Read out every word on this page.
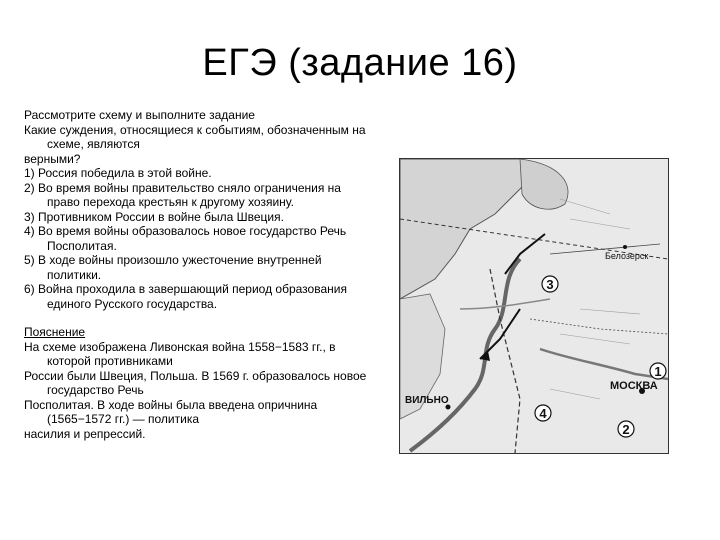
ЕГЭ (задание 16)

Рассмотрите схему и выполните задание

Какие суждения, относящиеся к событиям, обозначенным на схеме, являются

верными?

1) Россия победила в этой войне.

2) Во время войны правительство сняло ограничения на право перехода крестьян к другому хозяину.

3) Противником России в войне была Швеция.

4) Во время войны образовалось новое государство Речь Посполитая.

5) В ходе войны произошло ужесточение внутренней политики.

6) Война проходила в завершающий период образования единого Русского государства.

Пояснение

На схеме изображена Ливонская война 1558−1583 гг., в которой противниками

России были Швеция, Польша. В 1569 г. образовалось новое государство Речь

Посполитая. В ходе войны была введена опричнина (1565−1572 гг.) — политика

насилия и репрессий.

3
1
4
2
МОСКВА
ВИЛЬНО
Белозерск
